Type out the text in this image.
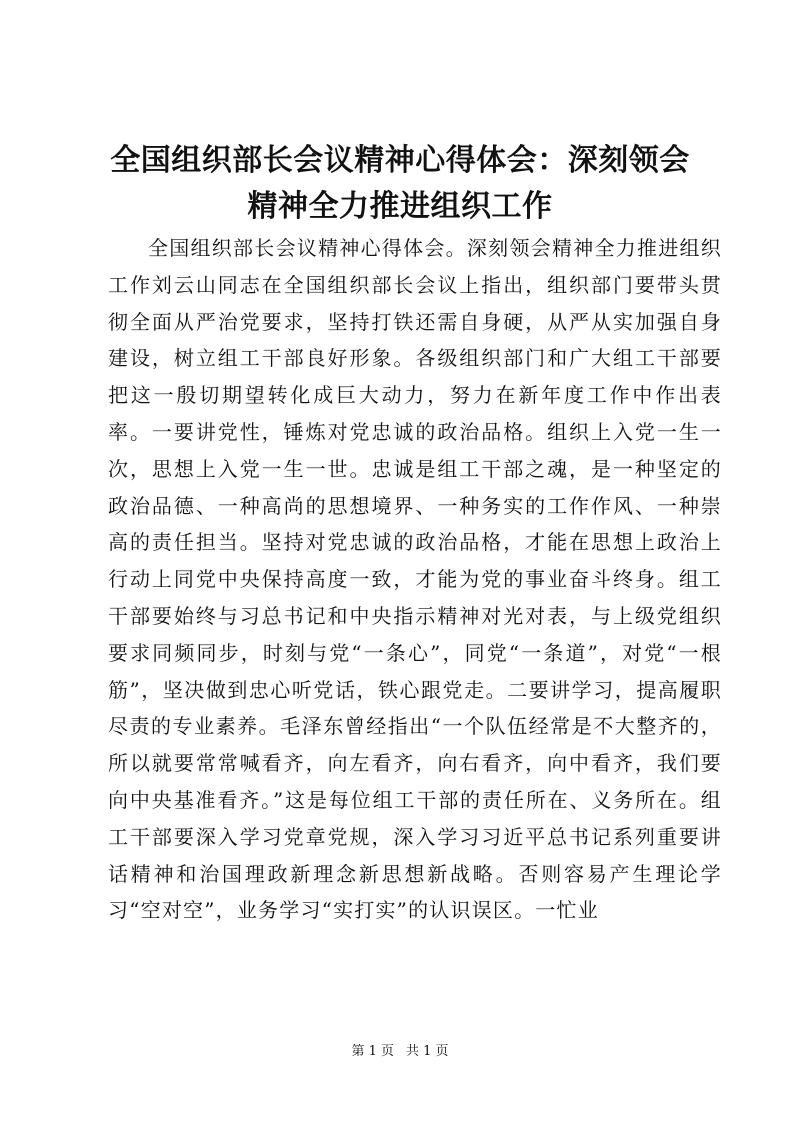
全国组织部长会议精神心得体会：深刻领会精神全力推进组织工作

全国组织部长会议精神心得体会。深刻领会精神全力推进组织工作刘云山同志在全国组织部长会议上指出，组织部门要带头贯彻全面从严治党要求，坚持打铁还需自身硬，从严从实加强自身建设，树立组工干部良好形象。各级组织部门和广大组工干部要把这一殷切期望转化成巨大动力，努力在新年度工作中作出表率。一要讲党性，锤炼对党忠诚的政治品格。组织上入党一生一次，思想上入党一生一世。忠诚是组工干部之魂，是一种坚定的政治品德、一种高尚的思想境界、一种务实的工作作风、一种崇高的责任担当。坚持对党忠诚的政治品格，才能在思想上政治上行动上同党中央保持高度一致，才能为党的事业奋斗终身。组工干部要始终与习总书记和中央指示精神对光对表，与上级党组织要求同频同步，时刻与党“一条心”，同党“一条道”，对党“一根筋”，坚决做到忠心听党话，铁心跟党走。二要讲学习，提高履职尽责的专业素养。毛泽东曾经指出“一个队伍经常是不大整齐的，所以就要常常喊看齐，向左看齐，向右看齐，向中看齐，我们要向中央基准看齐。”这是每位组工干部的责任所在、义务所在。组工干部要深入学习党章党规，深入学习习近平总书记系列重要讲话精神和治国理政新理念新思想新战略。否则容易产生理论学习“空对空”，业务学习“实打实”的认识误区。一忙业

第 1 页 共 1 页
